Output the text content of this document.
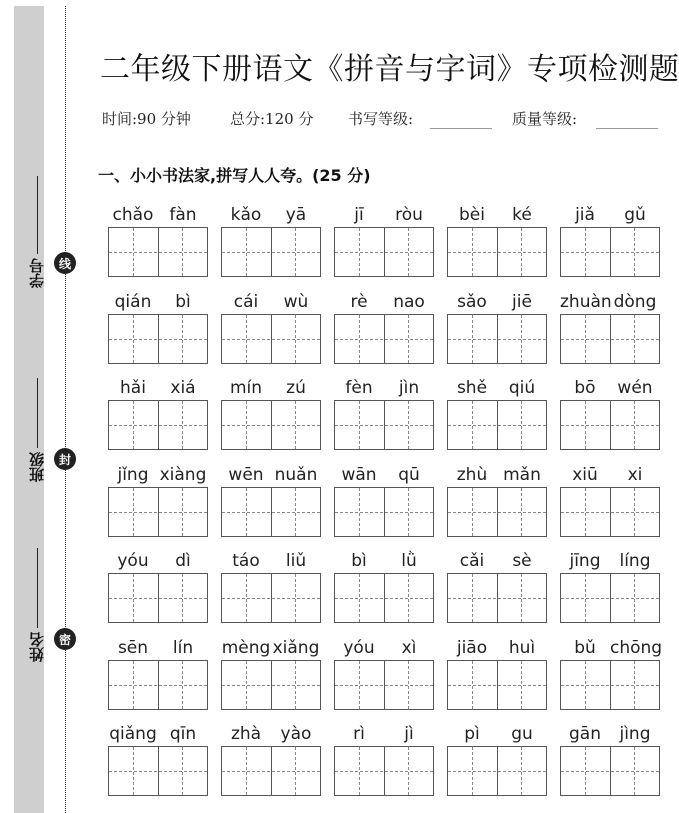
线
封
密
学号
班级
姓名
二年级下册语文《拼音与字词》专项检测题
时间:90 分钟	总分:120 分 书写等级:	质量等级:
一、小小书法家,拼写人人夸。(25 分)
chǎo fàn	kǎo	yā	jī	ròu	bèi	ké	jiǎ	gǔ
qián	bì	cái	wù	rè	nao	sǎo	jiē	zhuàn dòng
hǎi	xiá	mín	zú	fèn	jìn	shě	qiú	bō	wén
jǐng xiàng	wēn nuǎn	wān	qū	zhù mǎn	xiū	xi
yóu	dì	táo	liǔ	bì	lǜ	cǎi	sè	jīng	líng
sēn	lín	mèng xiǎng	yóu	xì	jiāo	huì	bǔ chōng
qiǎng qīn	zhà	yào	rì	jì	pì	gu	gān	jìng
